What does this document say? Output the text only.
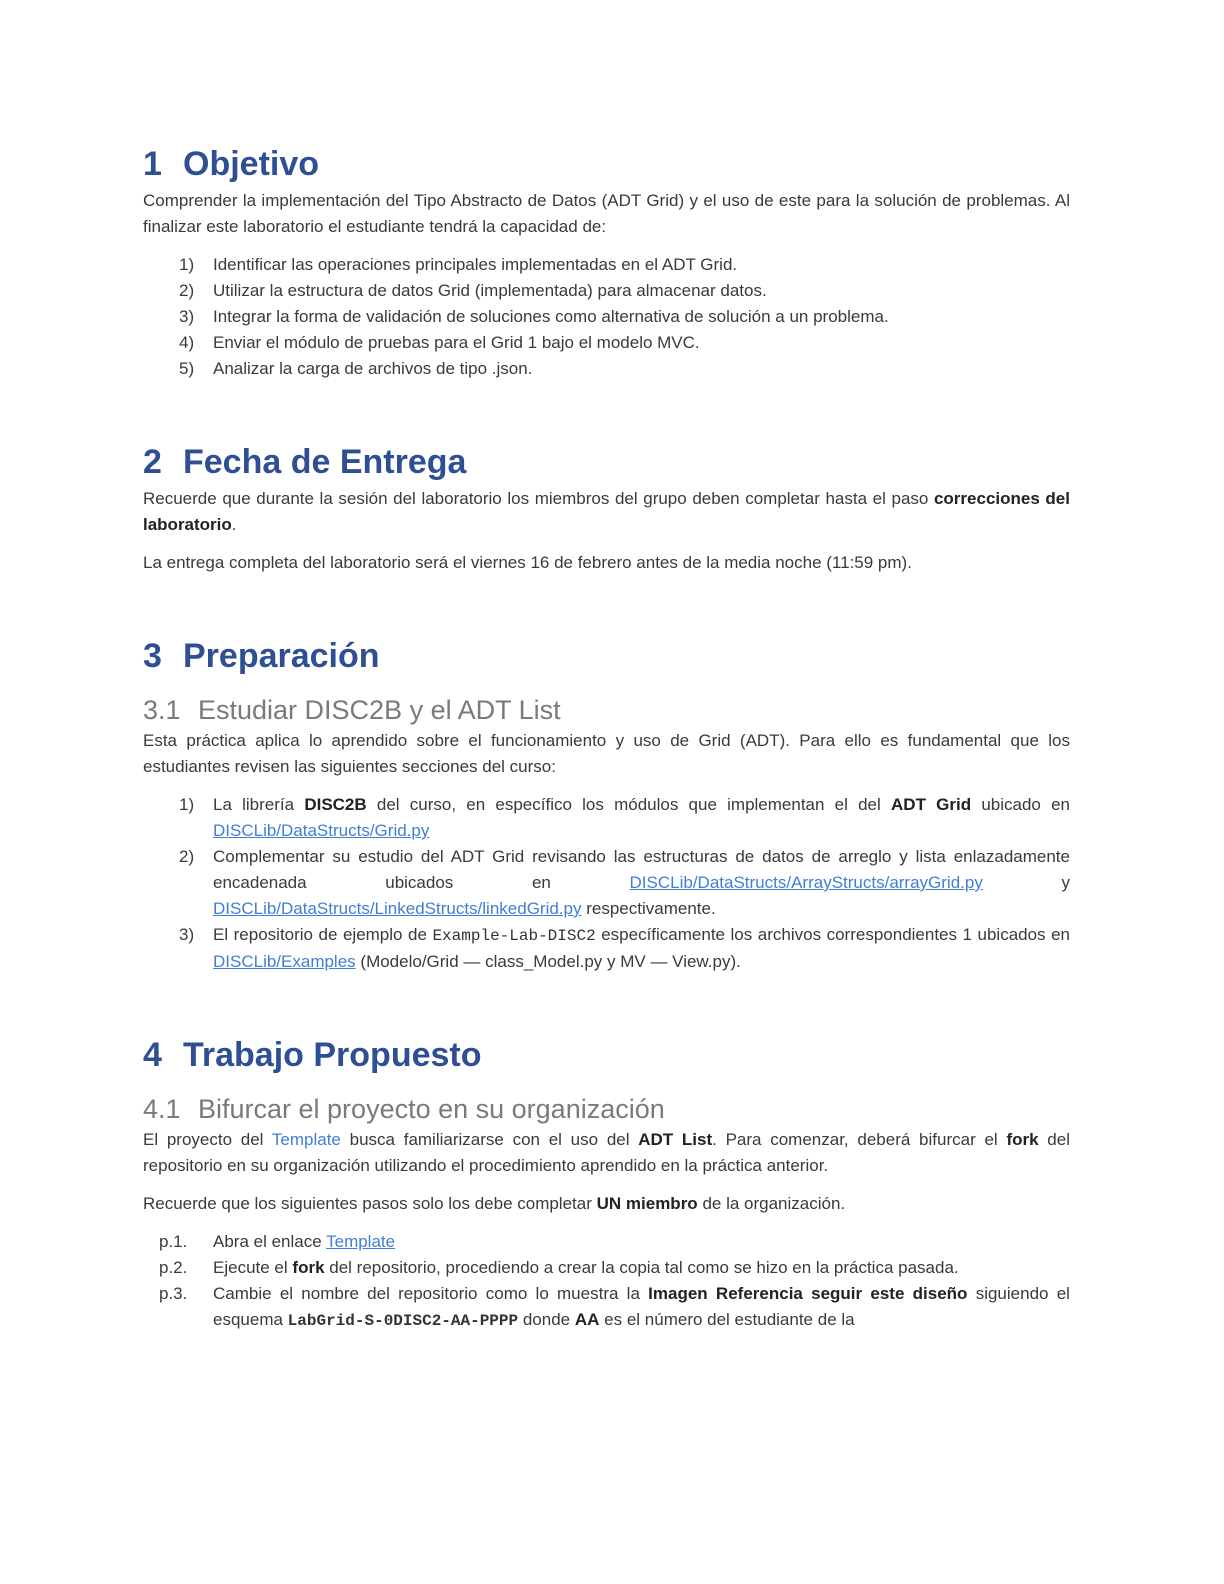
1 Objetivo

Comprender la implementación del Tipo Abstracto de Datos (ADT Grid) y el uso de este para la solución de problemas. Al finalizar este laboratorio el estudiante tendrá la capacidad de:

1) Identificar las operaciones principales implementadas en el ADT Grid.
2) Utilizar la estructura de datos Grid (implementada) para almacenar datos.
3) Integrar la forma de validación de soluciones como alternativa de solución a un problema.
4) Enviar el módulo de pruebas para el Grid 1 bajo el modelo MVC.
5) Analizar la carga de archivos de tipo .json.
2 Fecha de Entrega

Recuerde que durante la sesión del laboratorio los miembros del grupo deben completar hasta el paso correcciones del laboratorio.

La entrega completa del laboratorio será el viernes 16 de febrero antes de la media noche (11:59 pm).

3 Preparación
3.1 Estudiar DISC2B y el ADT List

Esta práctica aplica lo aprendido sobre el funcionamiento y uso de Grid (ADT). Para ello es fundamental que los estudiantes revisen las siguientes secciones del curso:

1) La librería DISC2B del curso, en específico los módulos que implementan el del ADT Grid ubicado en DISCLib/DataStructs/Grid.py
2) Complementar su estudio del ADT Grid revisando las estructuras de datos de arreglo y lista enlazadamente encadenada ubicados en	DISCLib/DataStructs/ArrayStructs/arrayGrid.py	y DISCLib/DataStructs/LinkedStructs/linkedGrid.py respectivamente.
3) El repositorio de ejemplo de Example-Lab-DISC2 específicamente los archivos correspondientes 1 ubicados en DISCLib/Examples (Modelo/Grid — class_Model.py y MV — View.py).
4 Trabajo Propuesto
4.1 Bifurcar el proyecto en su organización

El proyecto del Template busca familiarizarse con el uso del ADT List. Para comenzar, deberá bifurcar el fork del repositorio en su organización utilizando el procedimiento aprendido en la práctica anterior.

Recuerde que los siguientes pasos solo los debe completar UN miembro de la organización.

p.1. Abra el enlace Template
p.2. Ejecute el fork del repositorio, procediendo a crear la copia tal como se hizo en la práctica pasada.
p.3. Cambie el nombre del repositorio como lo muestra la Imagen Referencia seguir este diseño siguiendo el esquema LabGrid-S-0DISC2-AA-PPPP donde AA es el número del estudiante de la
